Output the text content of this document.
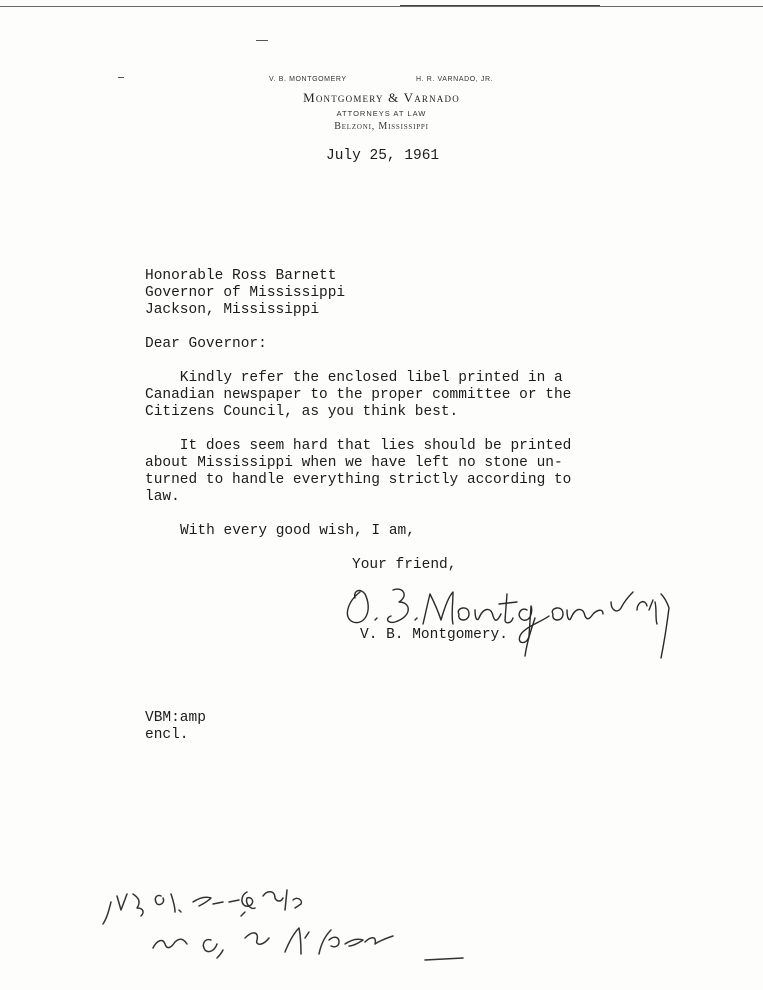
V. B. MONTGOMERY	H. R. VARNADO, JR.
Montgomery & Varnado
ATTORNEYS AT LAW
Belzoni, Mississippi
July 25, 1961
Honorable Ross Barnett
Governor of Mississippi
Jackson, Mississippi
Dear Governor:
Kindly refer the enclosed libel printed in a
Canadian newspaper to the proper committee or the
Citizens Council, as you think best.
It does seem hard that lies should be printed
about Mississippi when we have left no stone un-
turned to handle everything strictly according to
law.
With every good wish, I am,
Your friend,
V. B. Montgomery.
VBM:amp
encl.
